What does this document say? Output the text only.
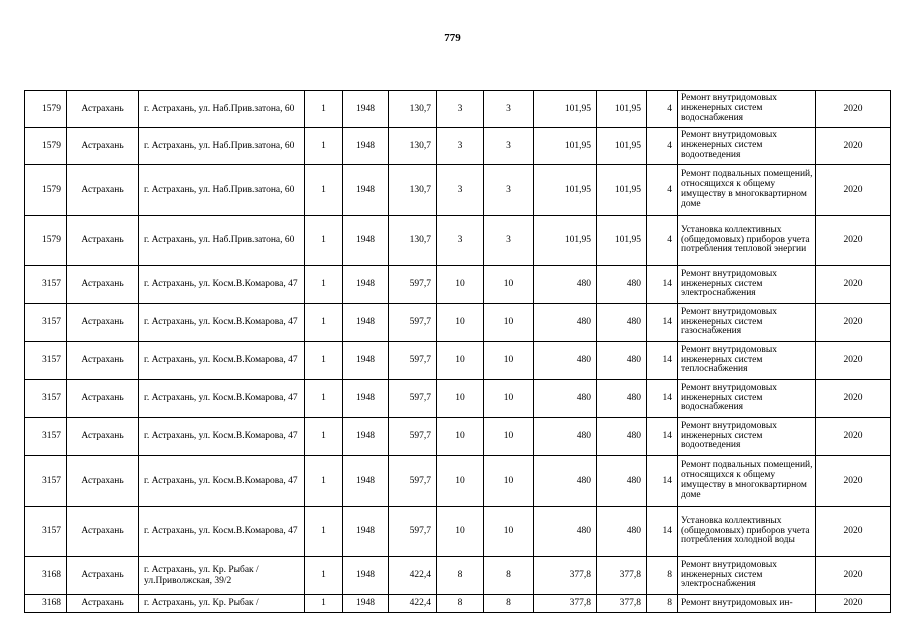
779
1579	Астрахань	г. Астрахань, ул. Наб.Прив.затона, 60	1	1948	130,7	3	3	101,95	101,95	4	Ремонт внутридомовых инженерных систем водоснабжения	2020
1579	Астрахань	г. Астрахань, ул. Наб.Прив.затона, 60	1	1948	130,7	3	3	101,95	101,95	4	Ремонт внутридомовых инженерных систем водоотведения	2020
1579	Астрахань	г. Астрахань, ул. Наб.Прив.затона, 60	1	1948	130,7	3	3	101,95	101,95	4	Ремонт подвальных помещений, относящихся к общему имуществу в многоквартирном доме	2020
1579	Астрахань	г. Астрахань, ул. Наб.Прив.затона, 60	1	1948	130,7	3	3	101,95	101,95	4	Установка коллективных (общедомовых) приборов учета потребления тепловой энергии	2020
3157	Астрахань	г. Астрахань, ул. Косм.В.Комарова, 47	1	1948	597,7	10	10	480	480	14	Ремонт внутридомовых инженерных систем электроснабжения	2020
3157	Астрахань	г. Астрахань, ул. Косм.В.Комарова, 47	1	1948	597,7	10	10	480	480	14	Ремонт внутридомовых инженерных систем газоснабжения	2020
3157	Астрахань	г. Астрахань, ул. Косм.В.Комарова, 47	1	1948	597,7	10	10	480	480	14	Ремонт внутридомовых инженерных систем теплоснабжения	2020
3157	Астрахань	г. Астрахань, ул. Косм.В.Комарова, 47	1	1948	597,7	10	10	480	480	14	Ремонт внутридомовых инженерных систем водоснабжения	2020
3157	Астрахань	г. Астрахань, ул. Косм.В.Комарова, 47	1	1948	597,7	10	10	480	480	14	Ремонт внутридомовых инженерных систем водоотведения	2020
3157	Астрахань	г. Астрахань, ул. Косм.В.Комарова, 47	1	1948	597,7	10	10	480	480	14	Ремонт подвальных помещений, относящихся к общему имуществу в многоквартирном доме	2020
3157	Астрахань	г. Астрахань, ул. Косм.В.Комарова, 47	1	1948	597,7	10	10	480	480	14	Установка коллективных (общедомовых) приборов учета потребления холодной воды	2020
3168	Астрахань	г. Астрахань, ул. Кр. Рыбак / ул.Приволжская, 39/2	1	1948	422,4	8	8	377,8	377,8	8	Ремонт внутридомовых инженерных систем электроснабжения	2020
3168	Астрахань	г. Астрахань, ул. Кр. Рыбак /	1	1948	422,4	8	8	377,8	377,8	8	Ремонт внутридомовых ин-	2020
